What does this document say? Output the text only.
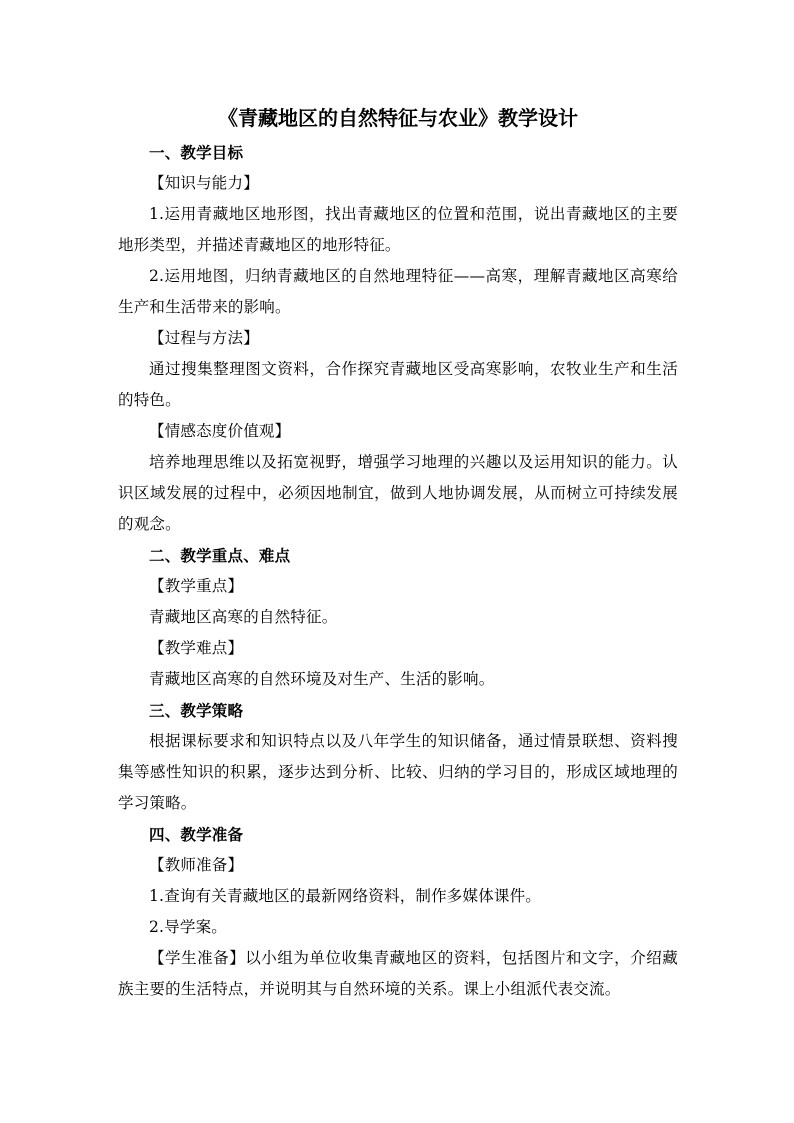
《青藏地区的自然特征与农业》教学设计

一、教学目标

【知识与能力】

1.运用青藏地区地形图，找出青藏地区的位置和范围，说出青藏地区的主要地形类型，并描述青藏地区的地形特征。

2.运用地图，归纳青藏地区的自然地理特征——高寒，理解青藏地区高寒给生产和生活带来的影响。

【过程与方法】

通过搜集整理图文资料，合作探究青藏地区受高寒影响，农牧业生产和生活的特色。

【情感态度价值观】

培养地理思维以及拓宽视野，增强学习地理的兴趣以及运用知识的能力。认识区域发展的过程中，必须因地制宜，做到人地协调发展，从而树立可持续发展的观念。

二、教学重点、难点

【教学重点】

青藏地区高寒的自然特征。

【教学难点】

青藏地区高寒的自然环境及对生产、生活的影响。

三、教学策略

根据课标要求和知识特点以及八年学生的知识储备，通过情景联想、资料搜集等感性知识的积累，逐步达到分析、比较、归纳的学习目的，形成区域地理的学习策略。

四、教学准备

【教师准备】

1.查询有关青藏地区的最新网络资料，制作多媒体课件。

2.导学案。

【学生准备】以小组为单位收集青藏地区的资料，包括图片和文字，介绍藏族主要的生活特点，并说明其与自然环境的关系。课上小组派代表交流。
